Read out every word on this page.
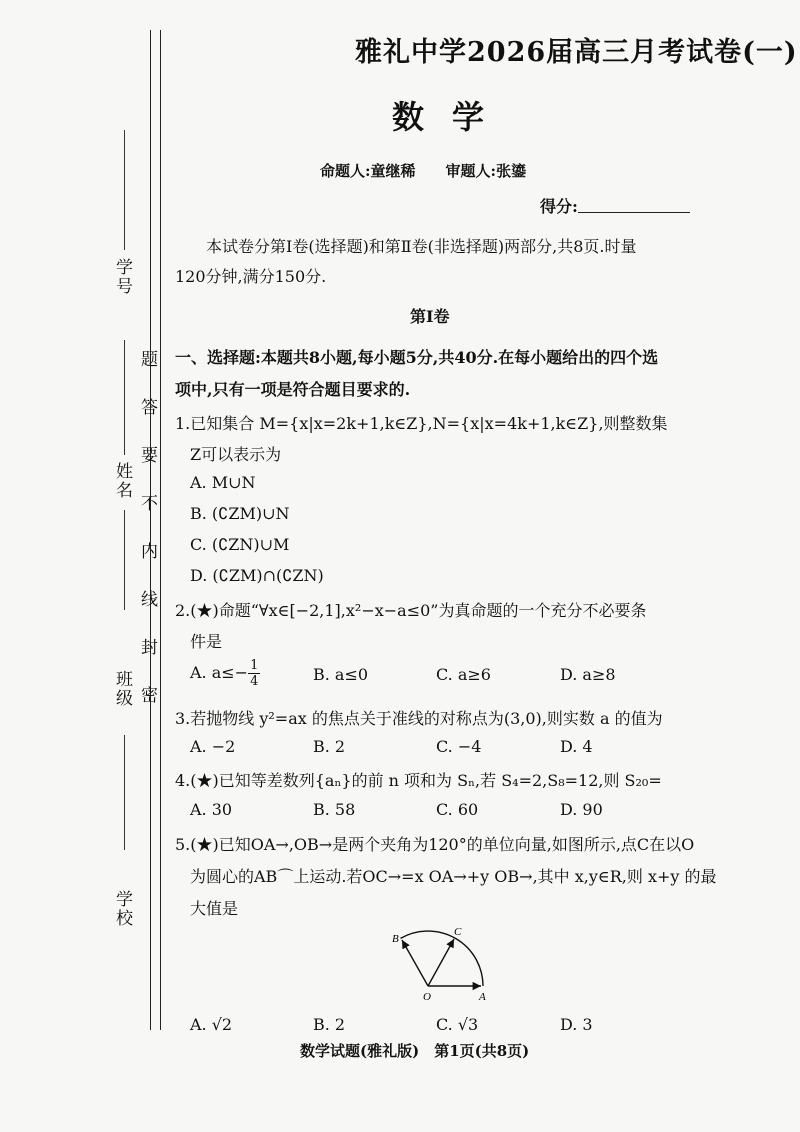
学号
姓名
班级
学校
题
答
要
不
内
线
封
密
雅礼中学2026届高三月考试卷(一)
数学
命题人:童继稀　　审题人:张鎏
得分:
本试卷分第Ⅰ卷(选择题)和第Ⅱ卷(非选择题)两部分,共8页.时量
120分钟,满分150分.
第Ⅰ卷
一、选择题:本题共8小题,每小题5分,共40分.在每小题给出的四个选
项中,只有一项是符合题目要求的.
1.已知集合 M={x|x=2k+1,k∈Z},N={x|x=4k+1,k∈Z},则整数集
Z可以表示为
A. M∪N
B. (∁ZM)∪N
C. (∁ZN)∪M
D. (∁ZM)∩(∁ZN)
2.(★)命题“∀x∈[−2,1],x²−x−a≤0”为真命题的一个充分不必要条
件是
A. $a\le- \frac{1}{4}$	B. a≤0	C. a≥6	D. a≥8
3.若抛物线 y²=ax 的焦点关于准线的对称点为(3,0),则实数 a 的值为
A. −2	B. 2	C. −4	D. 4
4.(★)已知等差数列{aₙ}的前 n 项和为 Sₙ,若 S₄=2,S₈=12,则 S₂₀=
A. 30	B. 58	C. 60	D. 90
5.(★)已知OA→,OB→是两个夹角为120°的单位向量,如图所示,点C在以O
为圆心的AB⌒上运动.若OC→=x OA→+y OB→,其中 x,y∈R,则 x+y 的最
大值是
B
C
O	A
A. √2	B. 2	C. √3	D. 3
数学试题(雅礼版)　第1页(共8页)
